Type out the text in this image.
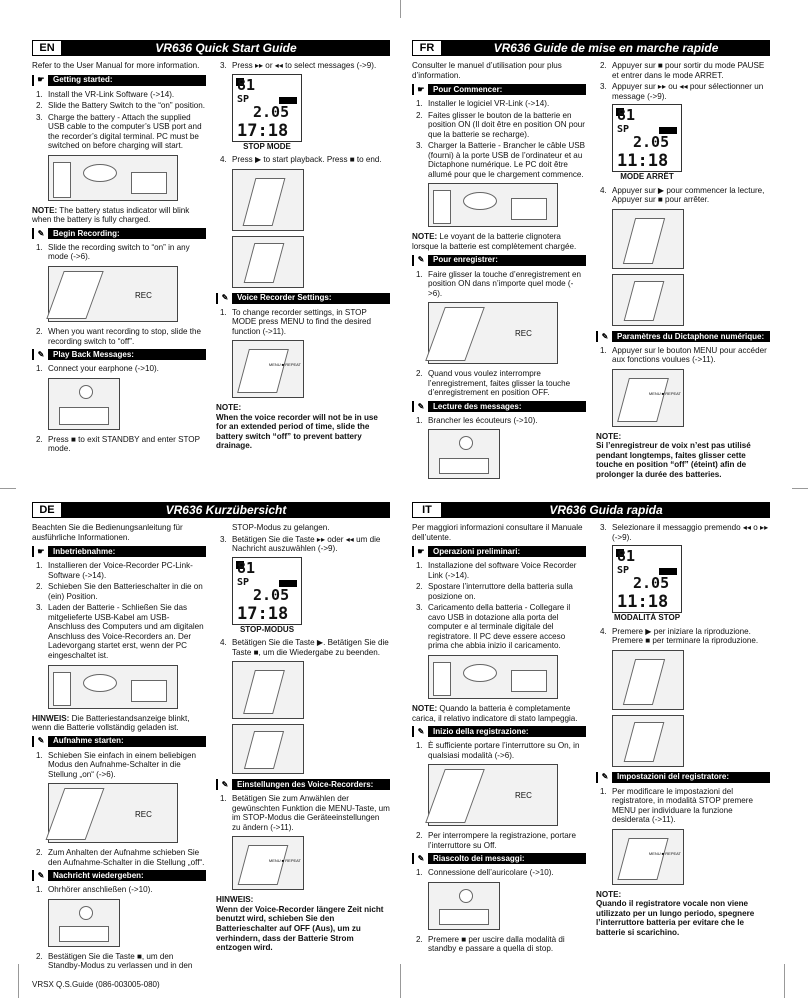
EN	VR636 Quick Start Guide
Refer to the User Manual for more information.
☛	Getting started:
1. Install the VR-Link Software (->14).
2. Slide the Battery Switch to the “on” position.
3. Charge the battery - Attach the supplied USB cable to the computer’s USB port and the recorder’s digital terminal. PC must be switched on before charging will start.
NOTE: The battery status indicator will blink when the battery is fully charged.
✎	Begin Recording:
1. Slide the recording switch to “on” in any mode (->6).
REC
2. When you want recording to stop, slide the recording switch to “off”.
✎	Play Back Messages:
1. Connect your earphone (->10).
2. Press ■ to exit STANDBY and enter STOP mode.
3. Press ▸▸ or ◂◂ to select messages (->9).
81
SP
2.05
17:18
STOP MODE
4. Press ▶ to start playback. Press ■ to end.
✎	Voice Recorder Settings:
1. To change recorder settings, in STOP MODE press MENU to find the desired function (->11).
MENU ■ REPEAT
NOTE:
When the voice recorder will not be in use for an extended period of time, slide the battery switch “off” to prevent battery drainage.
FR	VR636 Guide de mise en marche rapide
Consulter le manuel d’utilisation pour plus d’information.
☛	Pour Commencer:
1. Installer le logiciel VR-Link (->14).
2. Faites glisser le bouton de la batterie en position ON (Il doit être en position ON pour que la batterie se recharge).
3. Charger la Batterie - Brancher le câble USB (fourni) à la porte USB de l’ordinateur et au Dictaphone numérique. Le PC doit être allumé pour que le chargement commence.
NOTE: Le voyant de la batterie clignotera lorsque la batterie est complètement chargée.
✎	Pour enregistrer:
1. Faire glisser la touche d’enregistrement en position ON dans n’importe quel mode (->6).
REC
2. Quand vous voulez interrompre l’enregistrement, faites glisser la touche d’enregistrement en position OFF.
✎	Lecture des messages:
1. Brancher les écouteurs (->10).
2. Appuyer sur ■ pour sortir du mode PAUSE et entrer dans le mode ARRET.
3. Appuyer sur ▸▸ ou ◂◂ pour sélectionner un message (->9).
81
SP
2.05
11:18
MODE ARRÊT
4. Appuyer sur ▶ pour commencer la lecture, Appuyer sur ■ pour arrêter.
✎	Paramètres du Dictaphone numérique:
1. Appuyer sur le bouton MENU pour accéder aux fonctions voulues (->11).
MENU ■ REPEAT
NOTE:
Si l’enregistreur de voix n’est pas utilisé pendant longtemps, faites glisser cette touche en position “off” (éteint) afin de prolonger la durée des batteries.
DE	VR636 Kurzübersicht
Beachten Sie die Bedienungsanleitung für ausführliche Informationen.
☛	Inbetriebnahme:
1. Installieren der Voice-Recorder PC-Link-Software (->14).
2. Schieben Sie den Batterieschalter in die on (ein) Position.
3. Laden der Batterie - Schließen Sie das mitgelieferte USB-Kabel am USB-Anschluss des Computers und am digitalen Anschluss des Voice-Recorders an. Der Ladevorgang startet erst, wenn der PC eingeschaltet ist.
HINWEIS: Die Batteriestandsanzeige blinkt, wenn die Batterie vollständig geladen ist.
✎	Aufnahme starten:
1. Schieben Sie einfach in einem beliebigen Modus den Aufnahme-Schalter in die Stellung „on“ (->6).
REC
2. Zum Anhalten der Aufnahme schieben Sie den Aufnahme-Schalter in die Stellung „off“.
✎	Nachricht wiedergeben:
1. Ohrhörer anschließen (->10).
2. Bestätigen Sie die Taste ■, um den Standby-Modus zu verlassen und in den
STOP-Modus zu gelangen.
3. Betätigen Sie die Taste ▸▸ oder ◂◂ um die Nachricht auszuwählen (->9).
81
SP
2.05
17:18
STOP-MODUS
4. Betätigen Sie die Taste ▶. Betätigen Sie die Taste ■, um die Wiedergabe zu beenden.
✎	Einstellungen des Voice-Recorders:
1. Betätigen Sie zum Anwählen der gewünschten Funktion die MENU-Taste, um im STOP-Modus die Geräteeinstellungen zu ändern (->11).
MENU ■ REPEAT
HINWEIS:
Wenn der Voice-Recorder längere Zeit nicht benutzt wird, schieben Sie den Batterieschalter auf OFF (Aus), um zu verhindern, dass der Batterie Strom entzogen wird.
IT	VR636 Guida rapida
Per maggiori informazioni consultare il Manuale dell’utente.
☛	Operazioni preliminari:
1. Installazione del software Voice Recorder Link (->14).
2. Spostare l’interruttore della batteria sulla posizione on.
3. Caricamento della batteria - Collegare il cavo USB in dotazione alla porta del computer e al terminale digitale del registratore. Il PC deve essere acceso prima che abbia inizio il caricamento.
NOTE: Quando la batteria è completamente carica, il relativo indicatore di stato lampeggia.
✎	Inizio della registrazione:
1. È sufficiente portare l’interruttore su On, in qualsiasi modalità (->6).
REC
2. Per interrompere la registrazione, portare l’interruttore su Off.
✎	Riascolto dei messaggi:
1. Connessione dell’auricolare (->10).
2. Premere ■ per uscire dalla modalità di standby e passare a quella di stop.
3. Selezionare il messaggio premendo ◂◂ o ▸▸ (->9).
81
SP
2.05
11:18
MODALITÀ STOP
4. Premere ▶ per iniziare la riproduzione. Premere ■ per terminare la riproduzione.
✎	Impostazioni del registratore:
1. Per modificare le impostazioni del registratore, in modalità STOP premere MENU per individuare la funzione desiderata (->11).
MENU ■ REPEAT
NOTE:
Quando il registratore vocale non viene utilizzato per un lungo periodo, spegnere l’interruttore batteria per evitare che le batterie si scarichino.
VRSX Q.S.Guide (086-003005-080)
